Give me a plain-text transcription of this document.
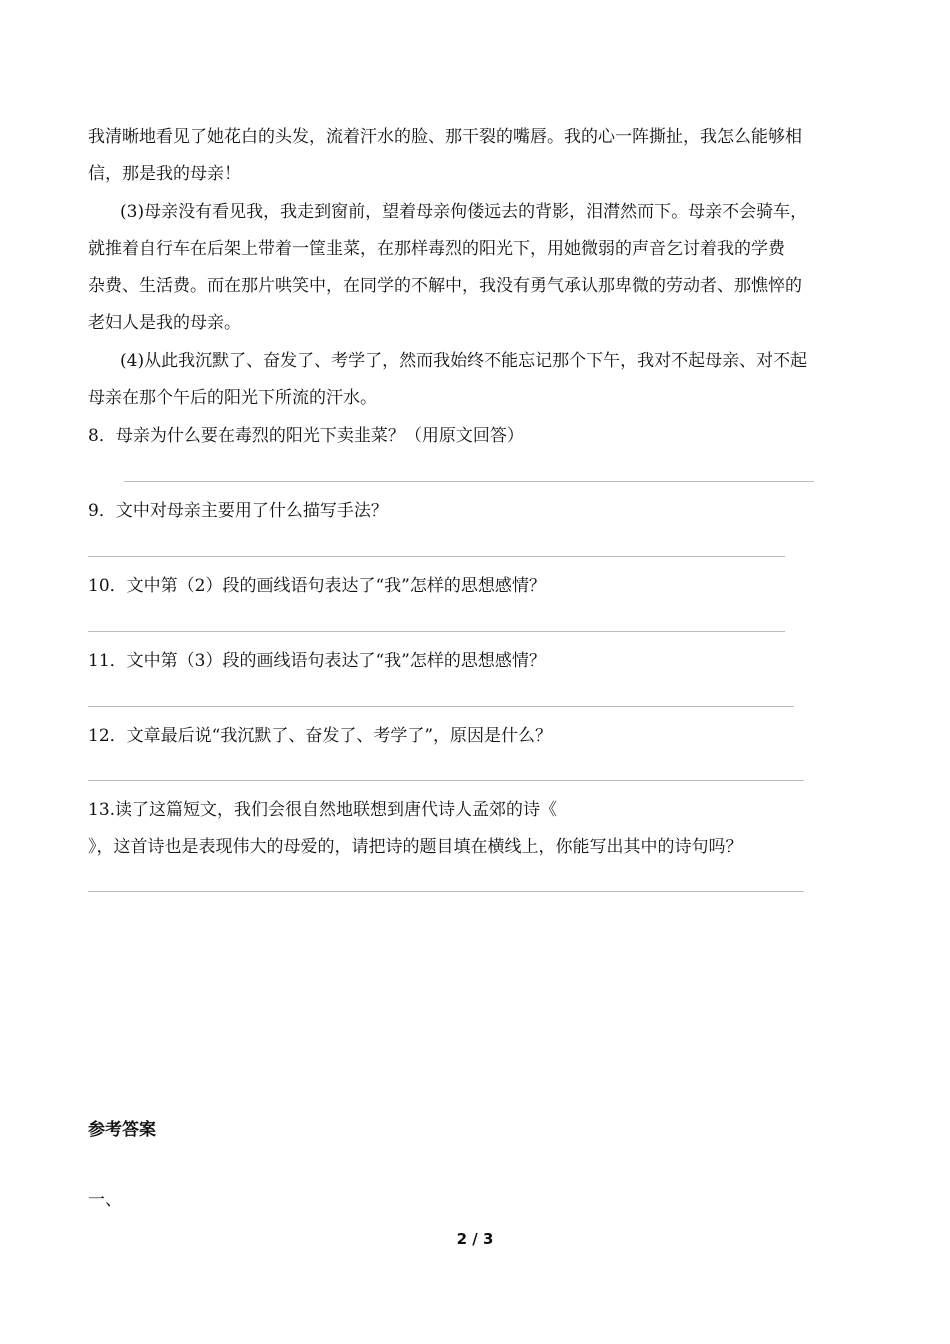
我清晰地看见了她花白的头发，流着汗水的脸、那干裂的嘴唇。我的心一阵撕扯，我怎么能够相
信，那是我的母亲！
(3)母亲没有看见我，我走到窗前，望着母亲佝偻远去的背影，泪潸然而下。母亲不会骑车，
就推着自行车在后架上带着一筐韭菜，在那样毒烈的阳光下，用她微弱的声音乞讨着我的学费
杂费、生活费。而在那片哄笑中，在同学的不解中，我没有勇气承认那卑微的劳动者、那憔悴的
老妇人是我的母亲。
(4)从此我沉默了、奋发了、考学了，然而我始终不能忘记那个下午，我对不起母亲、对不起
母亲在那个午后的阳光下所流的汗水。
8．母亲为什么要在毒烈的阳光下卖韭菜？（用原文回答）
9．文中对母亲主要用了什么描写手法？
10．文中第（2）段的画线语句表达了“我”怎样的思想感情？
11．文中第（3）段的画线语句表达了“我”怎样的思想感情？
12．文章最后说“我沉默了、奋发了、考学了”，原因是什么？
13.读了这篇短文，我们会很自然地联想到唐代诗人孟郊的诗《
》，这首诗也是表现伟大的母爱的，请把诗的题目填在横线上，你能写出其中的诗句吗？
参考答案
一、
2 / 3
